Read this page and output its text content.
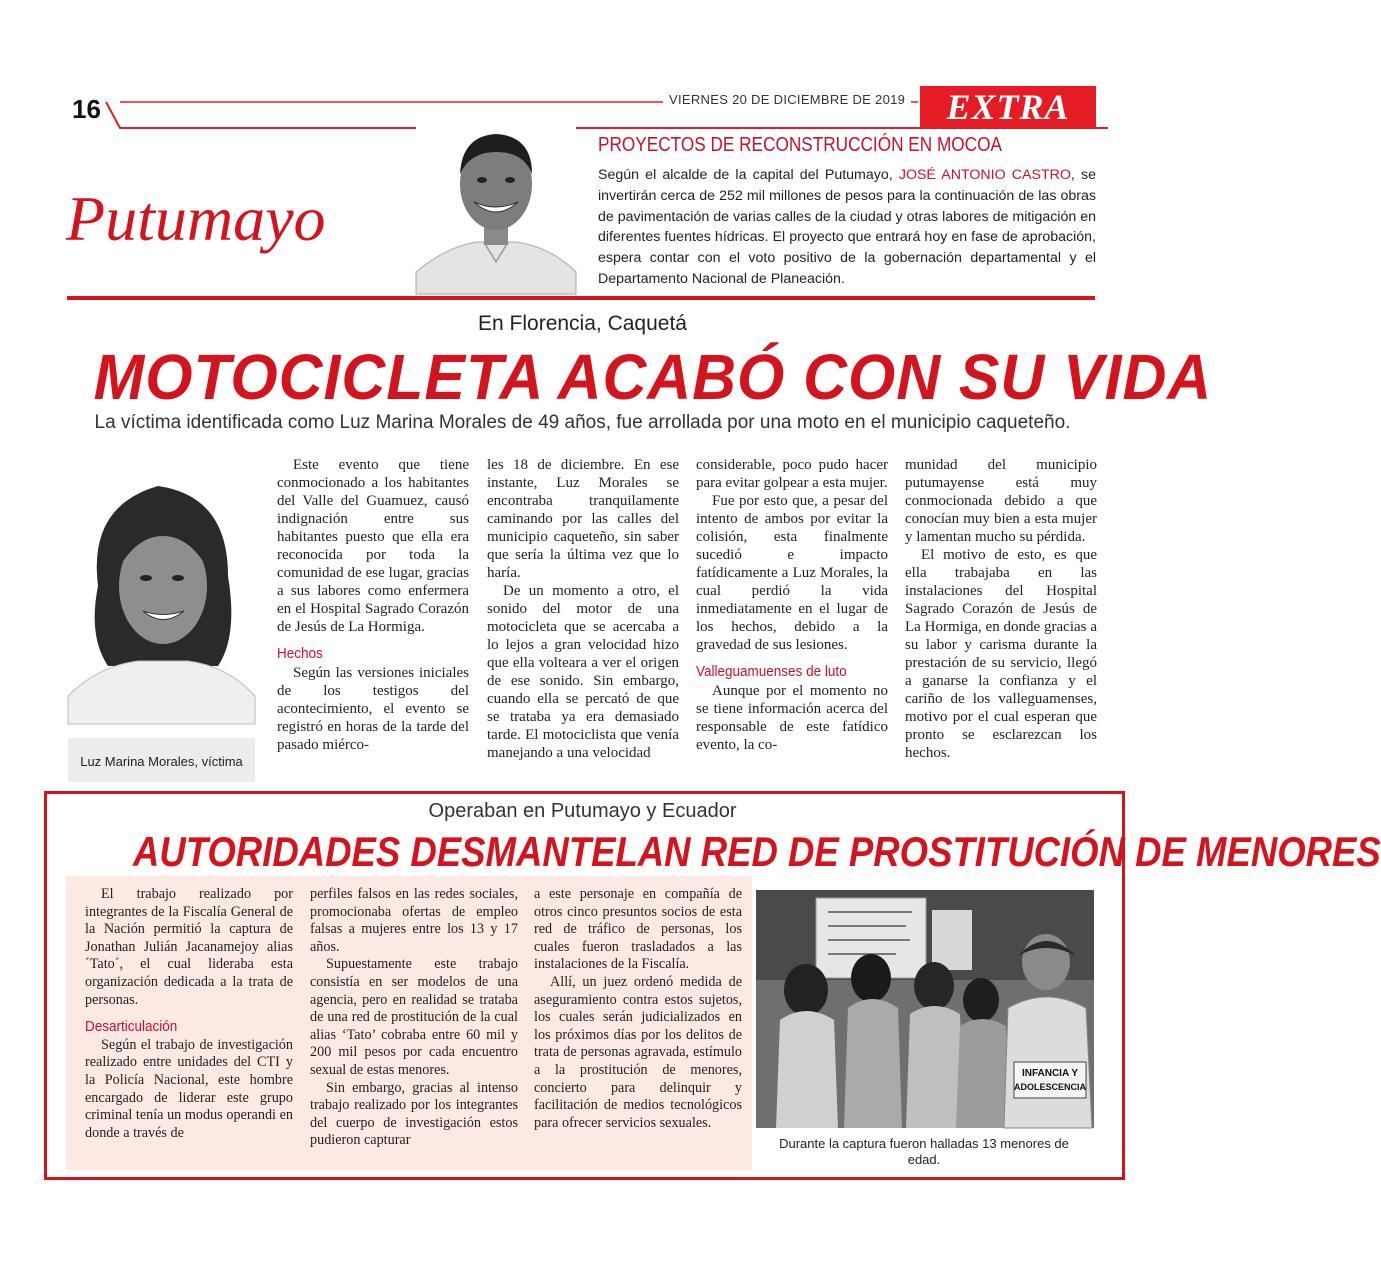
16	VIERNES 20 DE DICIEMBRE DE 2019	EXTRA
Putumayo
PROYECTOS DE RECONSTRUCCIÓN EN MOCOA
Según el alcalde de la capital del Putumayo, JOSÉ ANTONIO CASTRO, se invertirán cerca de 252 mil millones de pesos para la continuación de las obras de pavimentación de varias calles de la ciudad y otras labores de mitigación en diferentes fuentes hídricas. El proyecto que entrará hoy en fase de aprobación, espera contar con el voto positivo de la gobernación departamental y el Departamento Nacional de Planeación.
En Florencia, Caquetá
MOTOCICLETA ACABÓ CON SU VIDA
La víctima identificada como Luz Marina Morales de 49 años, fue arrollada por una moto en el municipio caqueteño.
Luz Marina Morales, víctima

Este evento que tiene conmocionado a los habitantes del Valle del Guamuez, causó indignación entre sus habitantes puesto que ella era reconocida por toda la comunidad de ese lugar, gracias a sus labores como enfermera en el Hospital Sagrado Corazón de Jesús de La Hormiga.

Hechos

Según las versiones iniciales de los testigos del acontecimiento, el evento se registró en horas de la tarde del pasado miérco-

les 18 de diciembre. En ese instante, Luz Morales se encontraba tranquilamente caminando por las calles del municipio caqueteño, sin saber que sería la última vez que lo haría.

De un momento a otro, el sonido del motor de una motocicleta que se acercaba a lo lejos a gran velocidad hizo que ella volteara a ver el origen de ese sonido. Sin embargo, cuando ella se percató de que se trataba ya era demasiado tarde. El motociclista que venía manejando a una velocidad

considerable, poco pudo hacer para evitar golpear a esta mujer.

Fue por esto que, a pesar del intento de ambos por evitar la colisión, esta finalmente sucedió e impacto fatídicamente a Luz Morales, la cual perdió la vida inmediatamente en el lugar de los hechos, debido a la gravedad de sus lesiones.

Valleguamuenses de luto

Aunque por el momento no se tiene información acerca del responsable de este fatídico evento, la co-

munidad del municipio putumayense está muy conmocionada debido a que conocían muy bien a esta mujer y lamentan mucho su pérdida.

El motivo de esto, es que ella trabajaba en las instalaciones del Hospital Sagrado Corazón de Jesús de La Hormiga, en donde gracias a su labor y carisma durante la prestación de su servicio, llegó a ganarse la confianza y el cariño de los valleguamenses, motivo por el cual esperan que pronto se esclarezcan los hechos.

Operaban en Putumayo y Ecuador
AUTORIDADES DESMANTELAN RED DE PROSTITUCIÓN DE MENORES

El trabajo realizado por integrantes de la Fiscalía General de la Nación permitió la captura de Jonathan Julián Jacanamejoy alias ´Tato´, el cual lideraba esta organización dedicada a la trata de personas.

Desarticulación

Según el trabajo de investigación realizado entre unidades del CTI y la Policía Nacional, este hombre encargado de liderar este grupo criminal tenía un modus operandi en donde a través de

perfiles falsos en las redes sociales, promocionaba ofertas de empleo falsas a mujeres entre los 13 y 17 años.

Supuestamente este trabajo consistía en ser modelos de una agencia, pero en realidad se trataba de una red de prostitución de la cual alias ‘Tato’ cobraba entre 60 mil y 200 mil pesos por cada encuentro sexual de estas menores.

Sin embargo, gracias al intenso trabajo realizado por los integrantes del cuerpo de investigación estos pudieron capturar

a este personaje en compañía de otros cinco presuntos socios de esta red de tráfico de personas, los cuales fueron trasladados a las instalaciones de la Fiscalía.

Allí, un juez ordenó medida de aseguramiento contra estos sujetos, los cuales serán judicializados en los próximos días por los delitos de trata de personas agravada, estímulo a la prostitución de menores, concierto para delinquir y facilitación de medios tecnológicos para ofrecer servicios sexuales.

INFANCIA Y
ADOLESCENCIA
Durante la captura fueron halladas 13 menores de edad.
